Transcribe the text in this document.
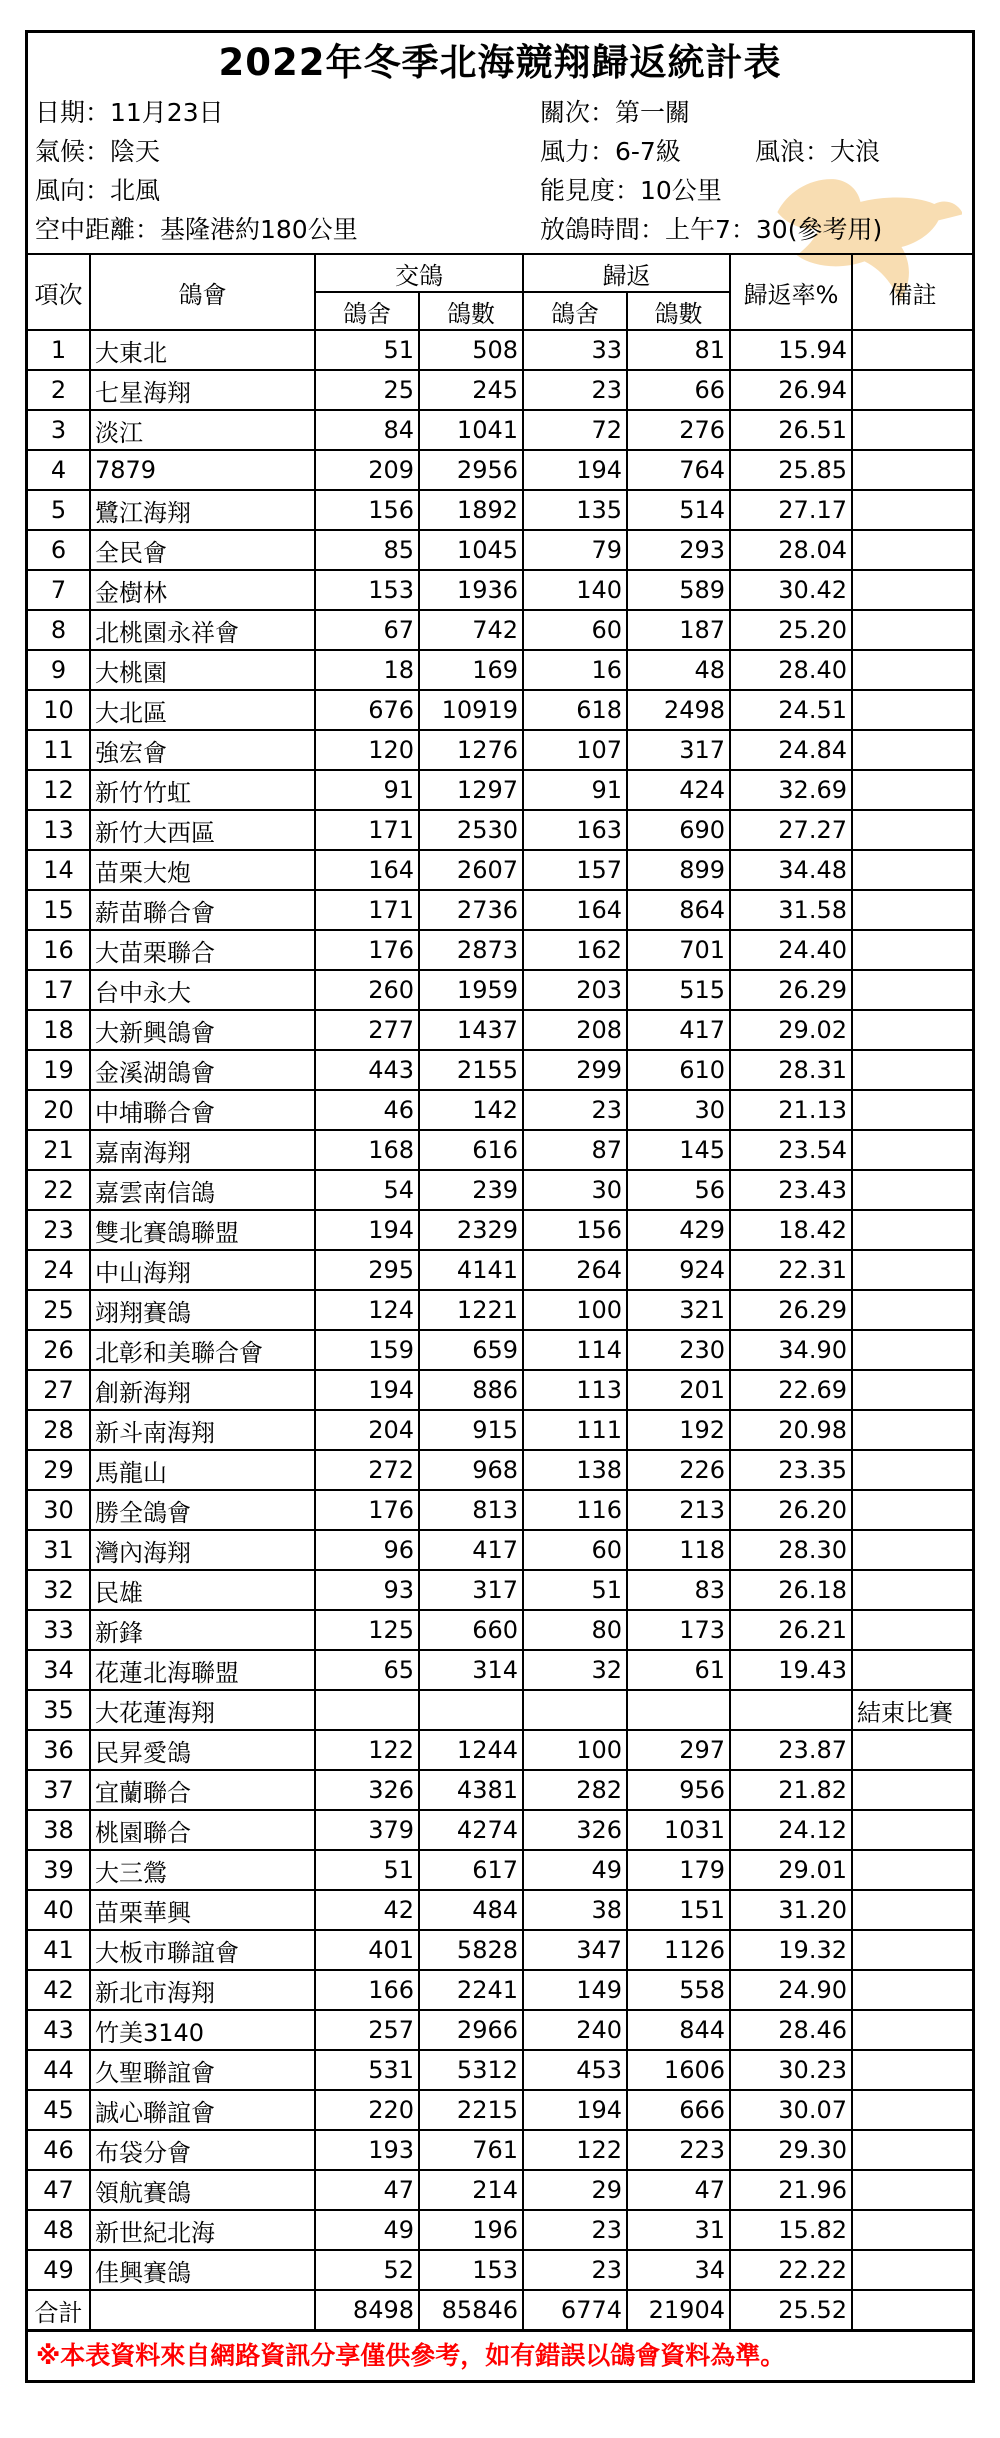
2022年冬季北海競翔歸返統計表
日期：11月23日	關次：第一關
氣候：陰天	風力：6-7級	風浪：大浪
風向：北風	能見度：10公里
空中距離：基隆港約180公里	放鴿時間：上午7：30(參考用)
項次	鴿會	交鴿		歸返		歸返率%	備註
		鴿舍	鴿數	鴿舍	鴿數		
1	大東北	51	508	33	81	15.94	
2	七星海翔	25	245	23	66	26.94	
3	淡江	84	1041	72	276	26.51	
4	7879	209	2956	194	764	25.85	
5	鷺江海翔	156	1892	135	514	27.17	
6	全民會	85	1045	79	293	28.04	
7	金樹林	153	1936	140	589	30.42	
8	北桃園永祥會	67	742	60	187	25.20	
9	大桃園	18	169	16	48	28.40	
10	大北區	676	10919	618	2498	24.51	
11	強宏會	120	1276	107	317	24.84	
12	新竹竹虹	91	1297	91	424	32.69	
13	新竹大西區	171	2530	163	690	27.27	
14	苗栗大炮	164	2607	157	899	34.48	
15	薪苗聯合會	171	2736	164	864	31.58	
16	大苗栗聯合	176	2873	162	701	24.40	
17	台中永大	260	1959	203	515	26.29	
18	大新興鴿會	277	1437	208	417	29.02	
19	金溪湖鴿會	443	2155	299	610	28.31	
20	中埔聯合會	46	142	23	30	21.13	
21	嘉南海翔	168	616	87	145	23.54	
22	嘉雲南信鴿	54	239	30	56	23.43	
23	雙北賽鴿聯盟	194	2329	156	429	18.42	
24	中山海翔	295	4141	264	924	22.31	
25	翊翔賽鴿	124	1221	100	321	26.29	
26	北彰和美聯合會	159	659	114	230	34.90	
27	創新海翔	194	886	113	201	22.69	
28	新斗南海翔	204	915	111	192	20.98	
29	馬龍山	272	968	138	226	23.35	
30	勝全鴿會	176	813	116	213	26.20	
31	灣內海翔	96	417	60	118	28.30	
32	民雄	93	317	51	83	26.18	
33	新鋒	125	660	80	173	26.21	
34	花蓮北海聯盟	65	314	32	61	19.43	
35	大花蓮海翔						結束比賽
36	民昇愛鴿	122	1244	100	297	23.87	
37	宜蘭聯合	326	4381	282	956	21.82	
38	桃園聯合	379	4274	326	1031	24.12	
39	大三鶯	51	617	49	179	29.01	
40	苗栗華興	42	484	38	151	31.20	
41	大板市聯誼會	401	5828	347	1126	19.32	
42	新北市海翔	166	2241	149	558	24.90	
43	竹美3140	257	2966	240	844	28.46	
44	久聖聯誼會	531	5312	453	1606	30.23	
45	誠心聯誼會	220	2215	194	666	30.07	
46	布袋分會	193	761	122	223	29.30	
47	領航賽鴿	47	214	29	47	21.96	
48	新世紀北海	49	196	23	31	15.82	
49	佳興賽鴿	52	153	23	34	22.22	
合計		8498	85846	6774	21904	25.52	
※本表資料來自網路資訊分享僅供參考，如有錯誤以鴿會資料為準。
